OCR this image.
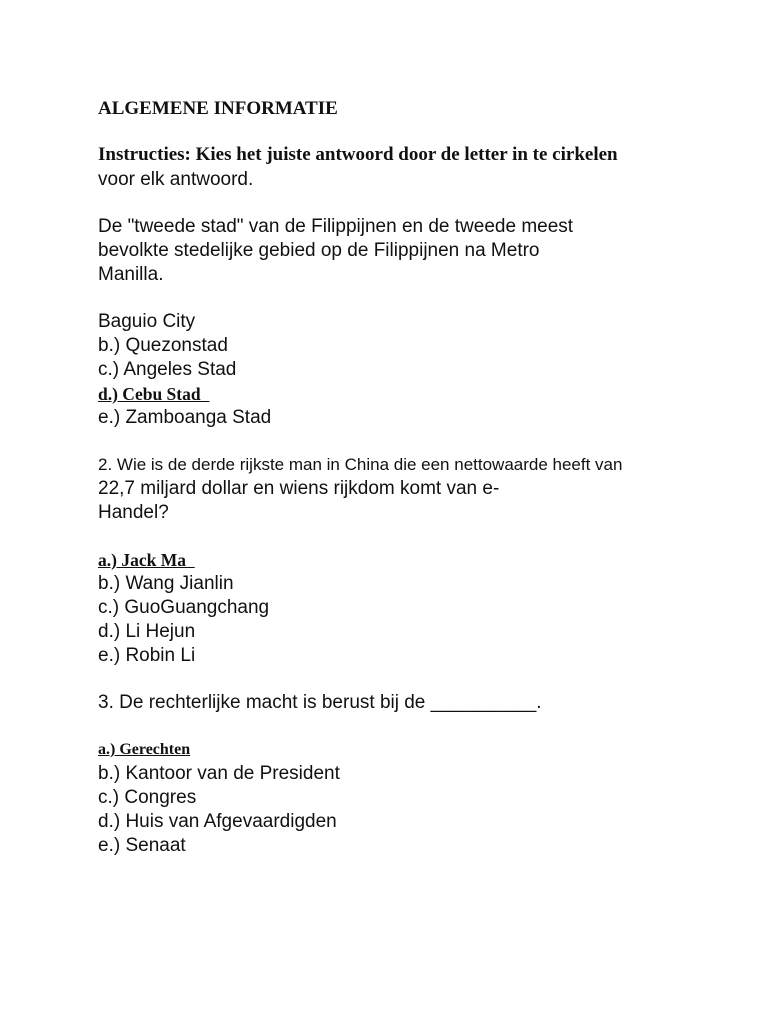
ALGEMENE INFORMATIE
Instructies: Kies het juiste antwoord door de letter in te cirkelen
voor elk antwoord.
De "tweede stad" van de Filippijnen en de tweede meest
bevolkte stedelijke gebied op de Filippijnen na Metro
Manilla.
Baguio City
b.) Quezonstad
c.) Angeles Stad
d.) Cebu Stad
e.) Zamboanga Stad
2. Wie is de derde rijkste man in China die een nettowaarde heeft van
22,7 miljard dollar en wiens rijkdom komt van e-
Handel?
a.) Jack Ma
b.) Wang Jianlin
c.) GuoGuangchang
d.) Li Hejun
e.) Robin Li
3. De rechterlijke macht is berust bij de __________.
a.) Gerechten
b.) Kantoor van de President
c.) Congres
d.) Huis van Afgevaardigden
e.) Senaat
